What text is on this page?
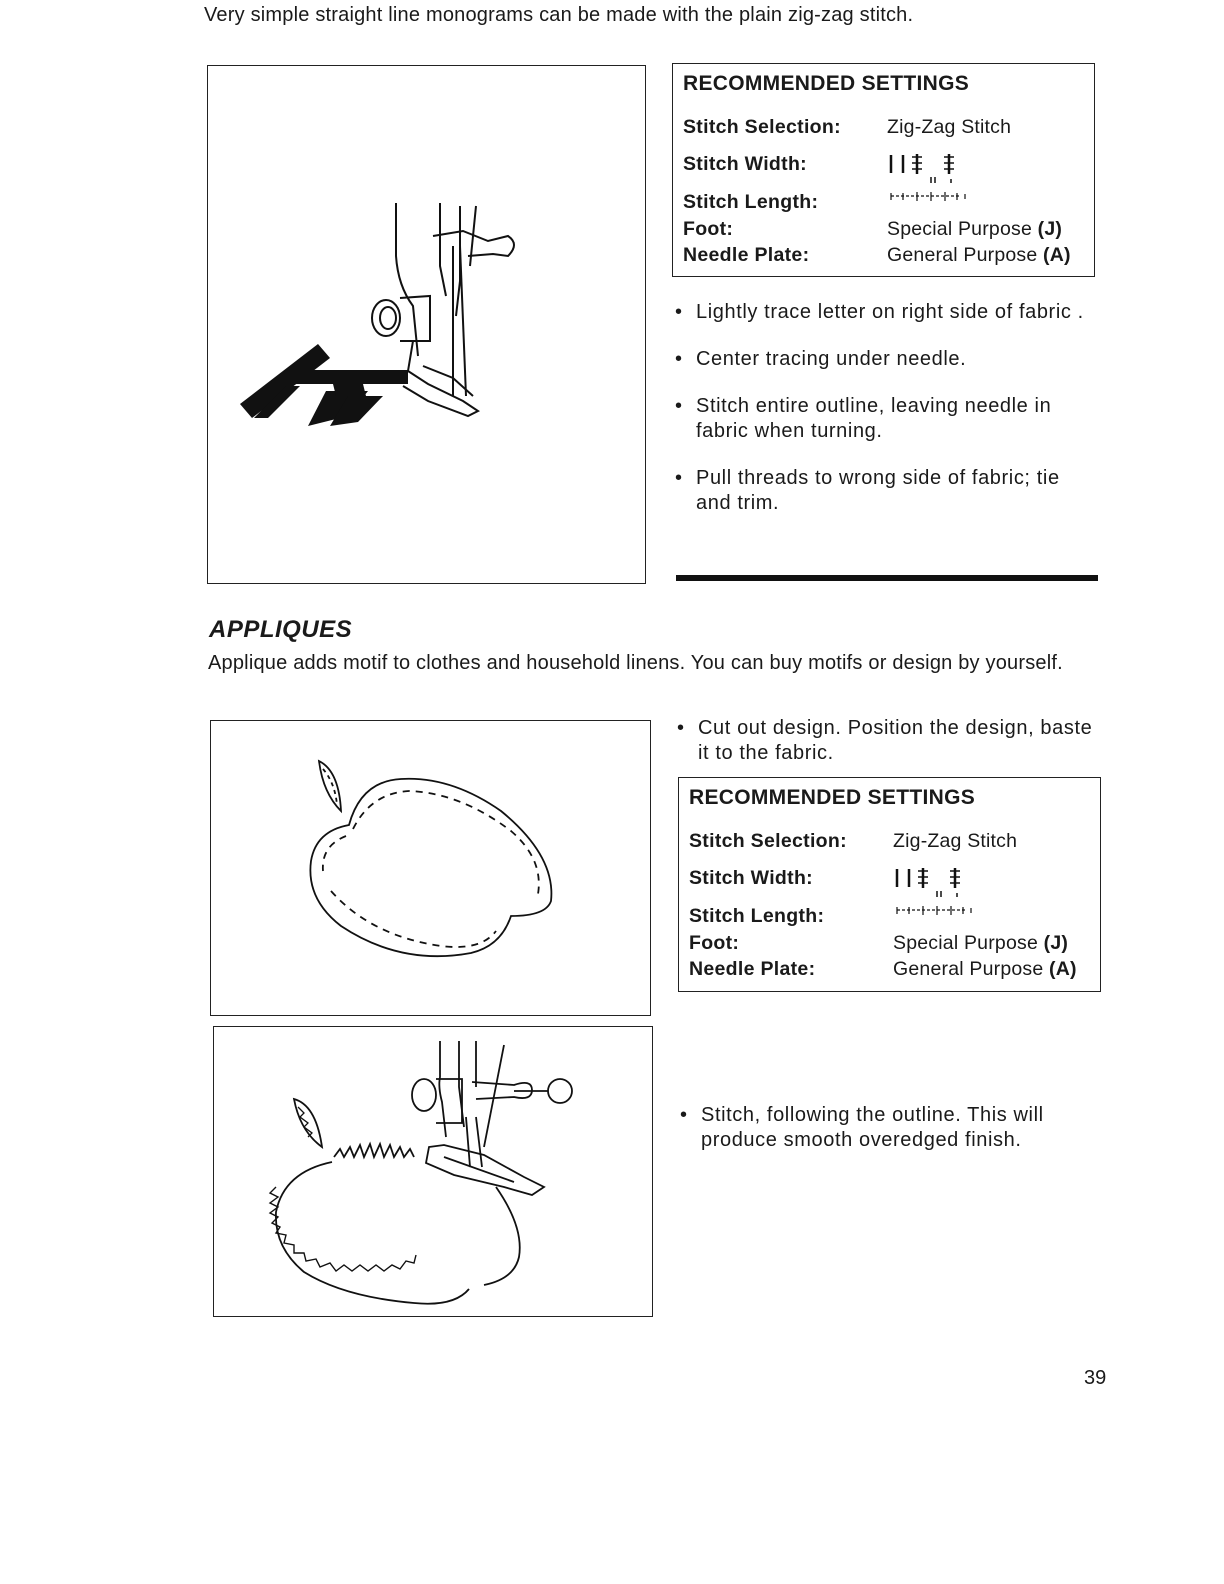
Very simple straight line monograms can be made with the plain zig-zag stitch.
RECOMMENDED SETTINGS
Stitch Selection:	Zig-Zag Stitch
Stitch Width:
Stitch Length:
Foot:	Special Purpose (J)
Needle Plate:	General Purpose (A)
• Lightly trace letter on right side of fabric .
• Center tracing under needle.
• Stitch entire outline, leaving needle in fabric when turning.
• Pull threads to wrong side of fabric; tie and trim.
APPLIQUES
Applique adds motif to clothes and household linens. You can buy motifs or design by yourself.
• Cut out design. Position the design, baste it to the fabric.
RECOMMENDED SETTINGS
Stitch Selection:	Zig-Zag Stitch
Stitch Width:
Stitch Length:
Foot:	Special Purpose (J)
Needle Plate:	General Purpose (A)
• Stitch, following the outline. This will produce smooth overedged finish.
39
